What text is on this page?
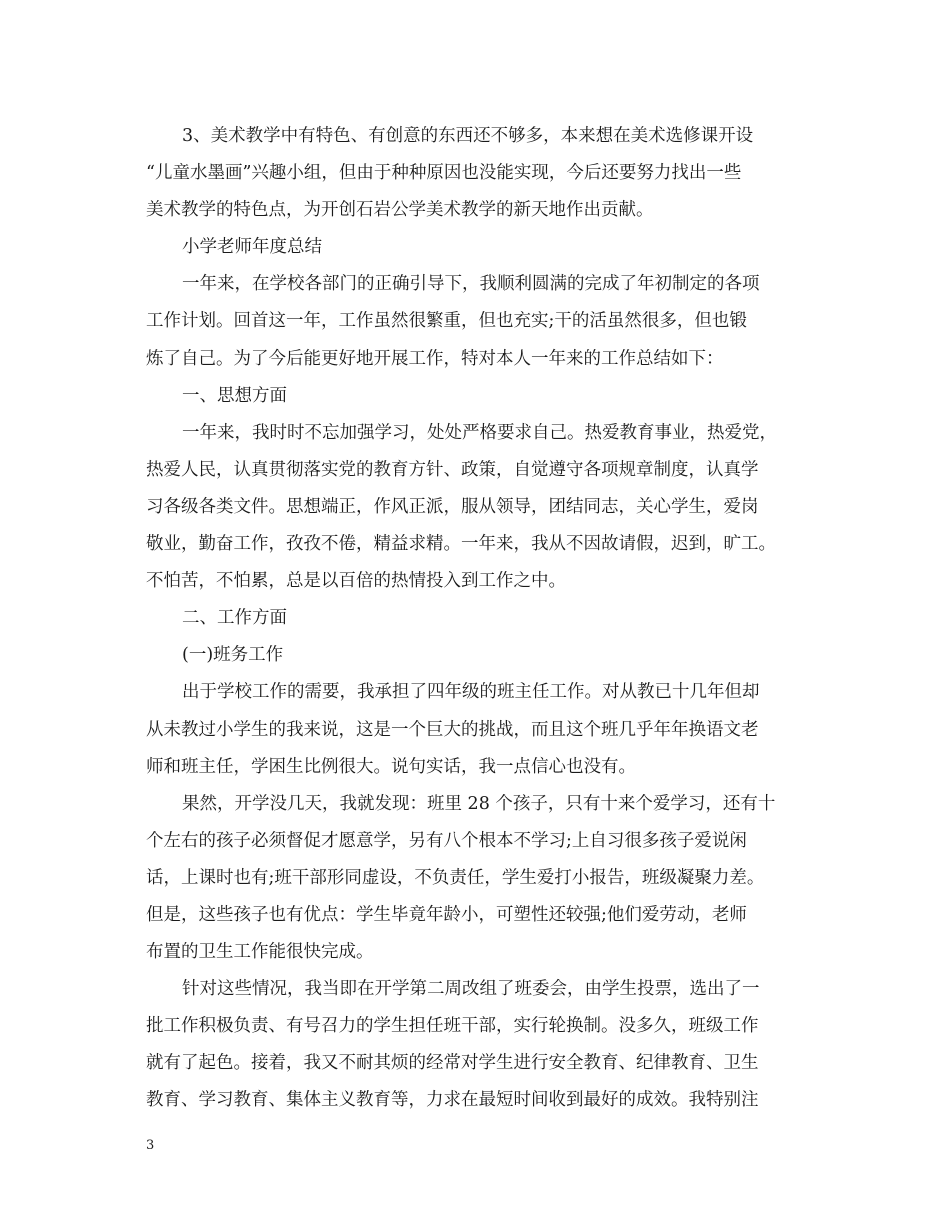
3、美术教学中有特色、有创意的东西还不够多，本来想在美术选修课开设
“儿童水墨画”兴趣小组，但由于种种原因也没能实现，今后还要努力找出一些
美术教学的特色点，为开创石岩公学美术教学的新天地作出贡献。
小学老师年度总结
一年来，在学校各部门的正确引导下，我顺利圆满的完成了年初制定的各项
工作计划。回首这一年，工作虽然很繁重，但也充实;干的活虽然很多，但也锻
炼了自己。为了今后能更好地开展工作，特对本人一年来的工作总结如下：
一、思想方面
一年来，我时时不忘加强学习，处处严格要求自己。热爱教育事业，热爱党，
热爱人民，认真贯彻落实党的教育方针、政策，自觉遵守各项规章制度，认真学
习各级各类文件。思想端正，作风正派，服从领导，团结同志，关心学生，爱岗
敬业，勤奋工作，孜孜不倦，精益求精。一年来，我从不因故请假，迟到，旷工。
不怕苦，不怕累，总是以百倍的热情投入到工作之中。
二、工作方面
(一)班务工作
出于学校工作的需要，我承担了四年级的班主任工作。对从教已十几年但却
从未教过小学生的我来说，这是一个巨大的挑战，而且这个班几乎年年换语文老
师和班主任，学困生比例很大。说句实话，我一点信心也没有。
果然，开学没几天，我就发现：班里 28 个孩子，只有十来个爱学习，还有十
个左右的孩子必须督促才愿意学，另有八个根本不学习;上自习很多孩子爱说闲
话，上课时也有;班干部形同虚设，不负责任，学生爱打小报告，班级凝聚力差。
但是，这些孩子也有优点：学生毕竟年龄小，可塑性还较强;他们爱劳动，老师
布置的卫生工作能很快完成。
针对这些情况，我当即在开学第二周改组了班委会，由学生投票，选出了一
批工作积极负责、有号召力的学生担任班干部，实行轮换制。没多久，班级工作
就有了起色。接着，我又不耐其烦的经常对学生进行安全教育、纪律教育、卫生
教育、学习教育、集体主义教育等，力求在最短时间收到最好的成效。我特别注
3
